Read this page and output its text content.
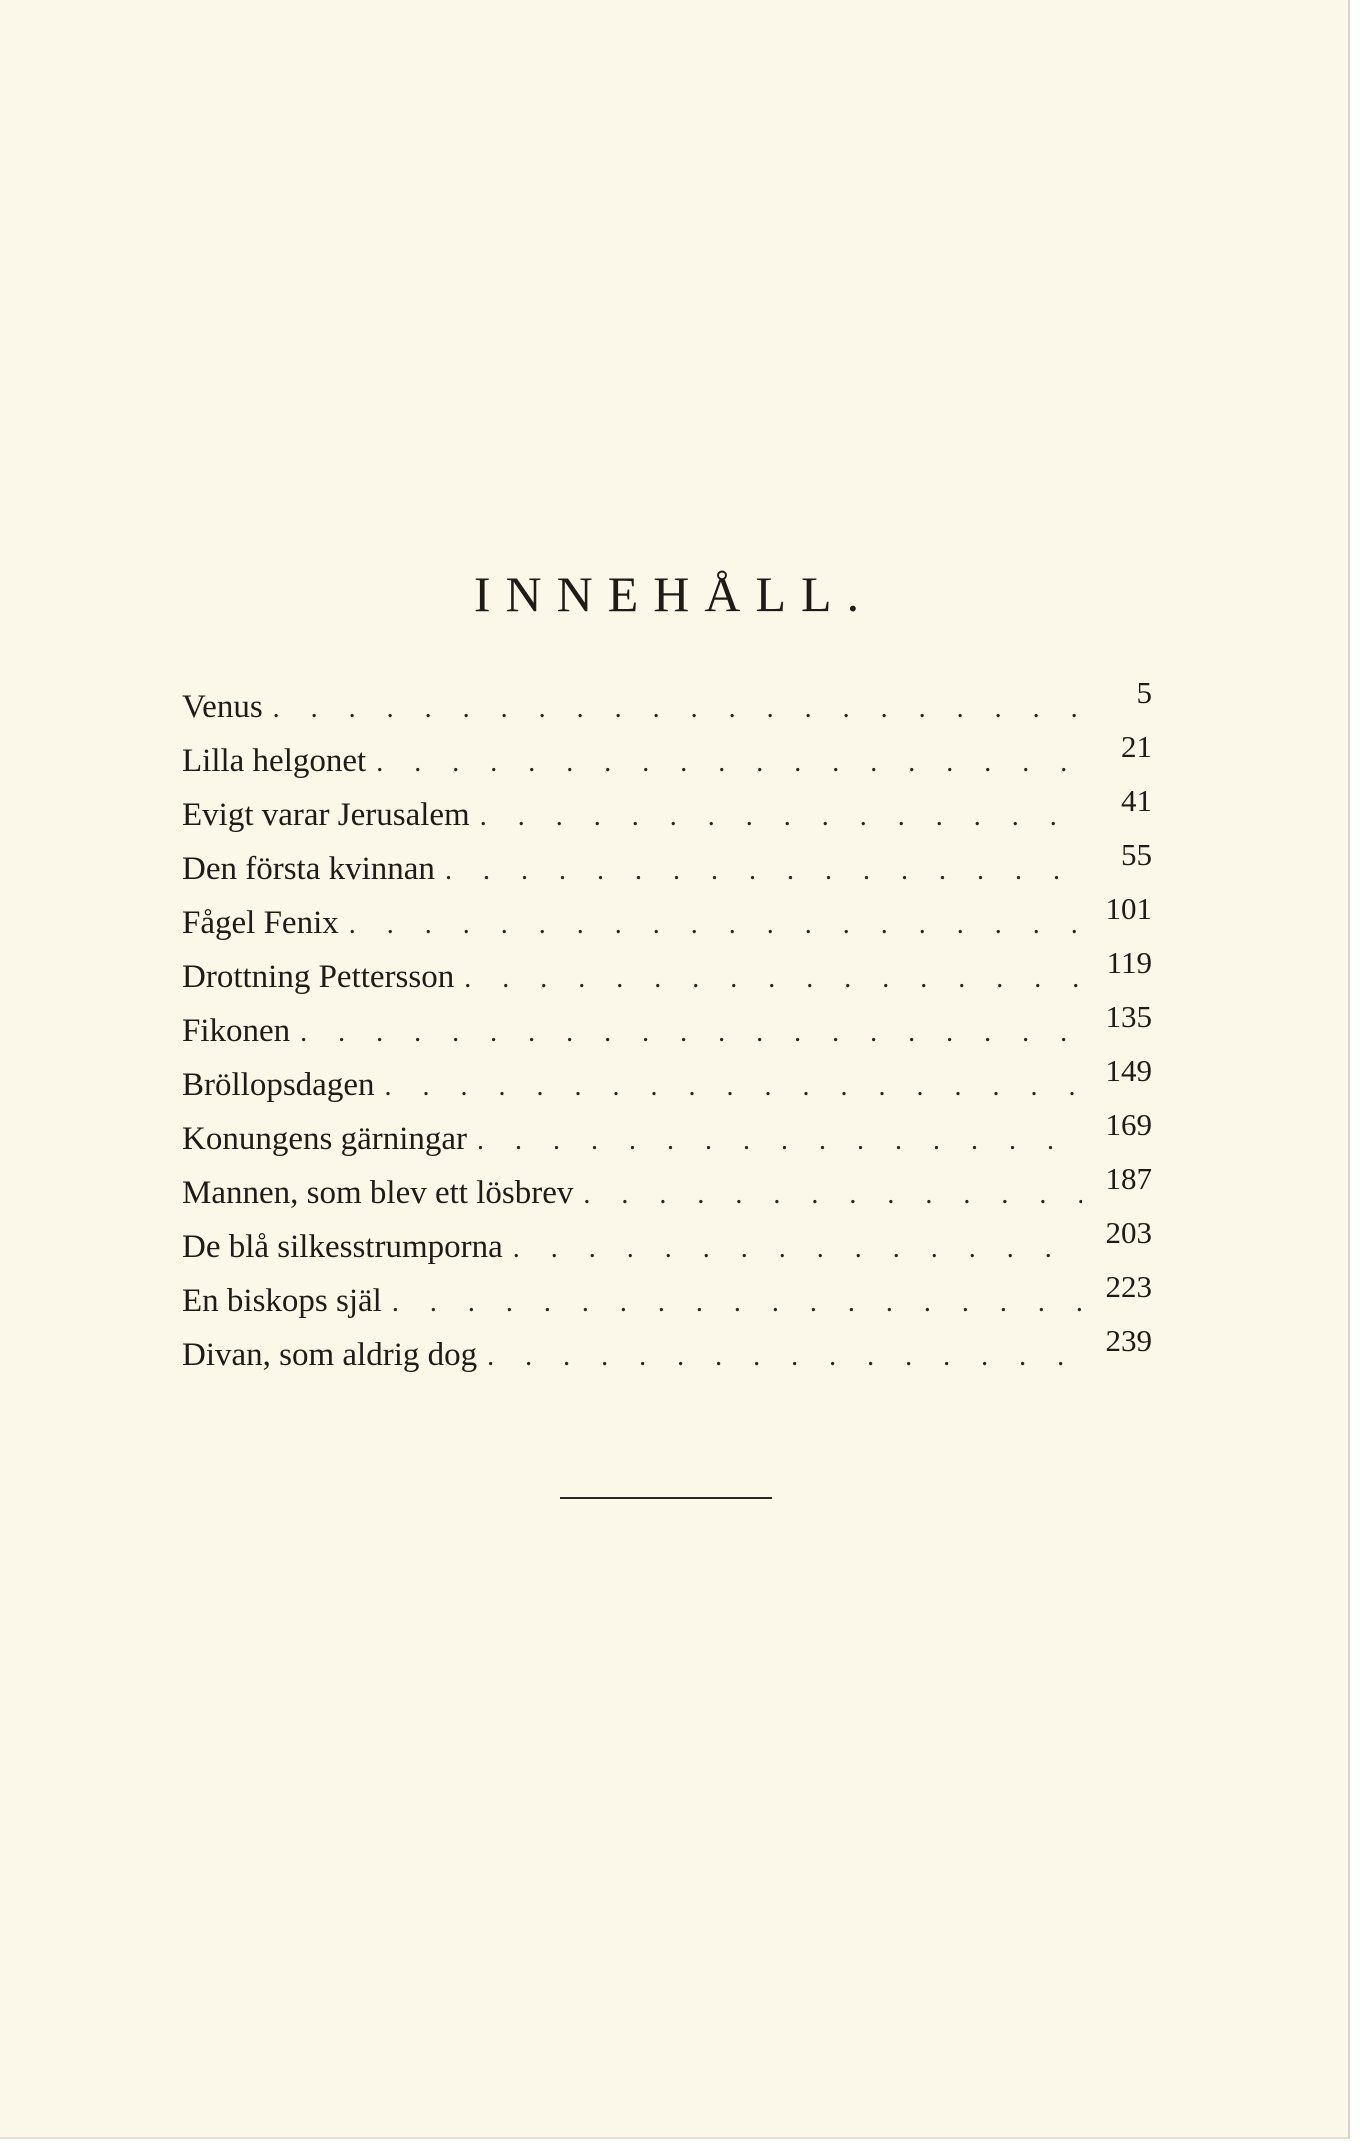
INNEHÅLL.
Venus . . .	5
Lilla helgonet . . .	21
Evigt varar Jerusalem . . .	41
Den första kvinnan . . .	55
Fågel Fenix . . .	101
Drottning Pettersson . . .	119
Fikonen . . .	135
Bröllopsdagen . . .	149
Konungens gärningar . . .	169
Mannen, som blev ett lösbrev . . .	187
De blå silkesstrumporna . . .	203
En biskops själ . . .	223
Divan, som aldrig dog . . .	239
